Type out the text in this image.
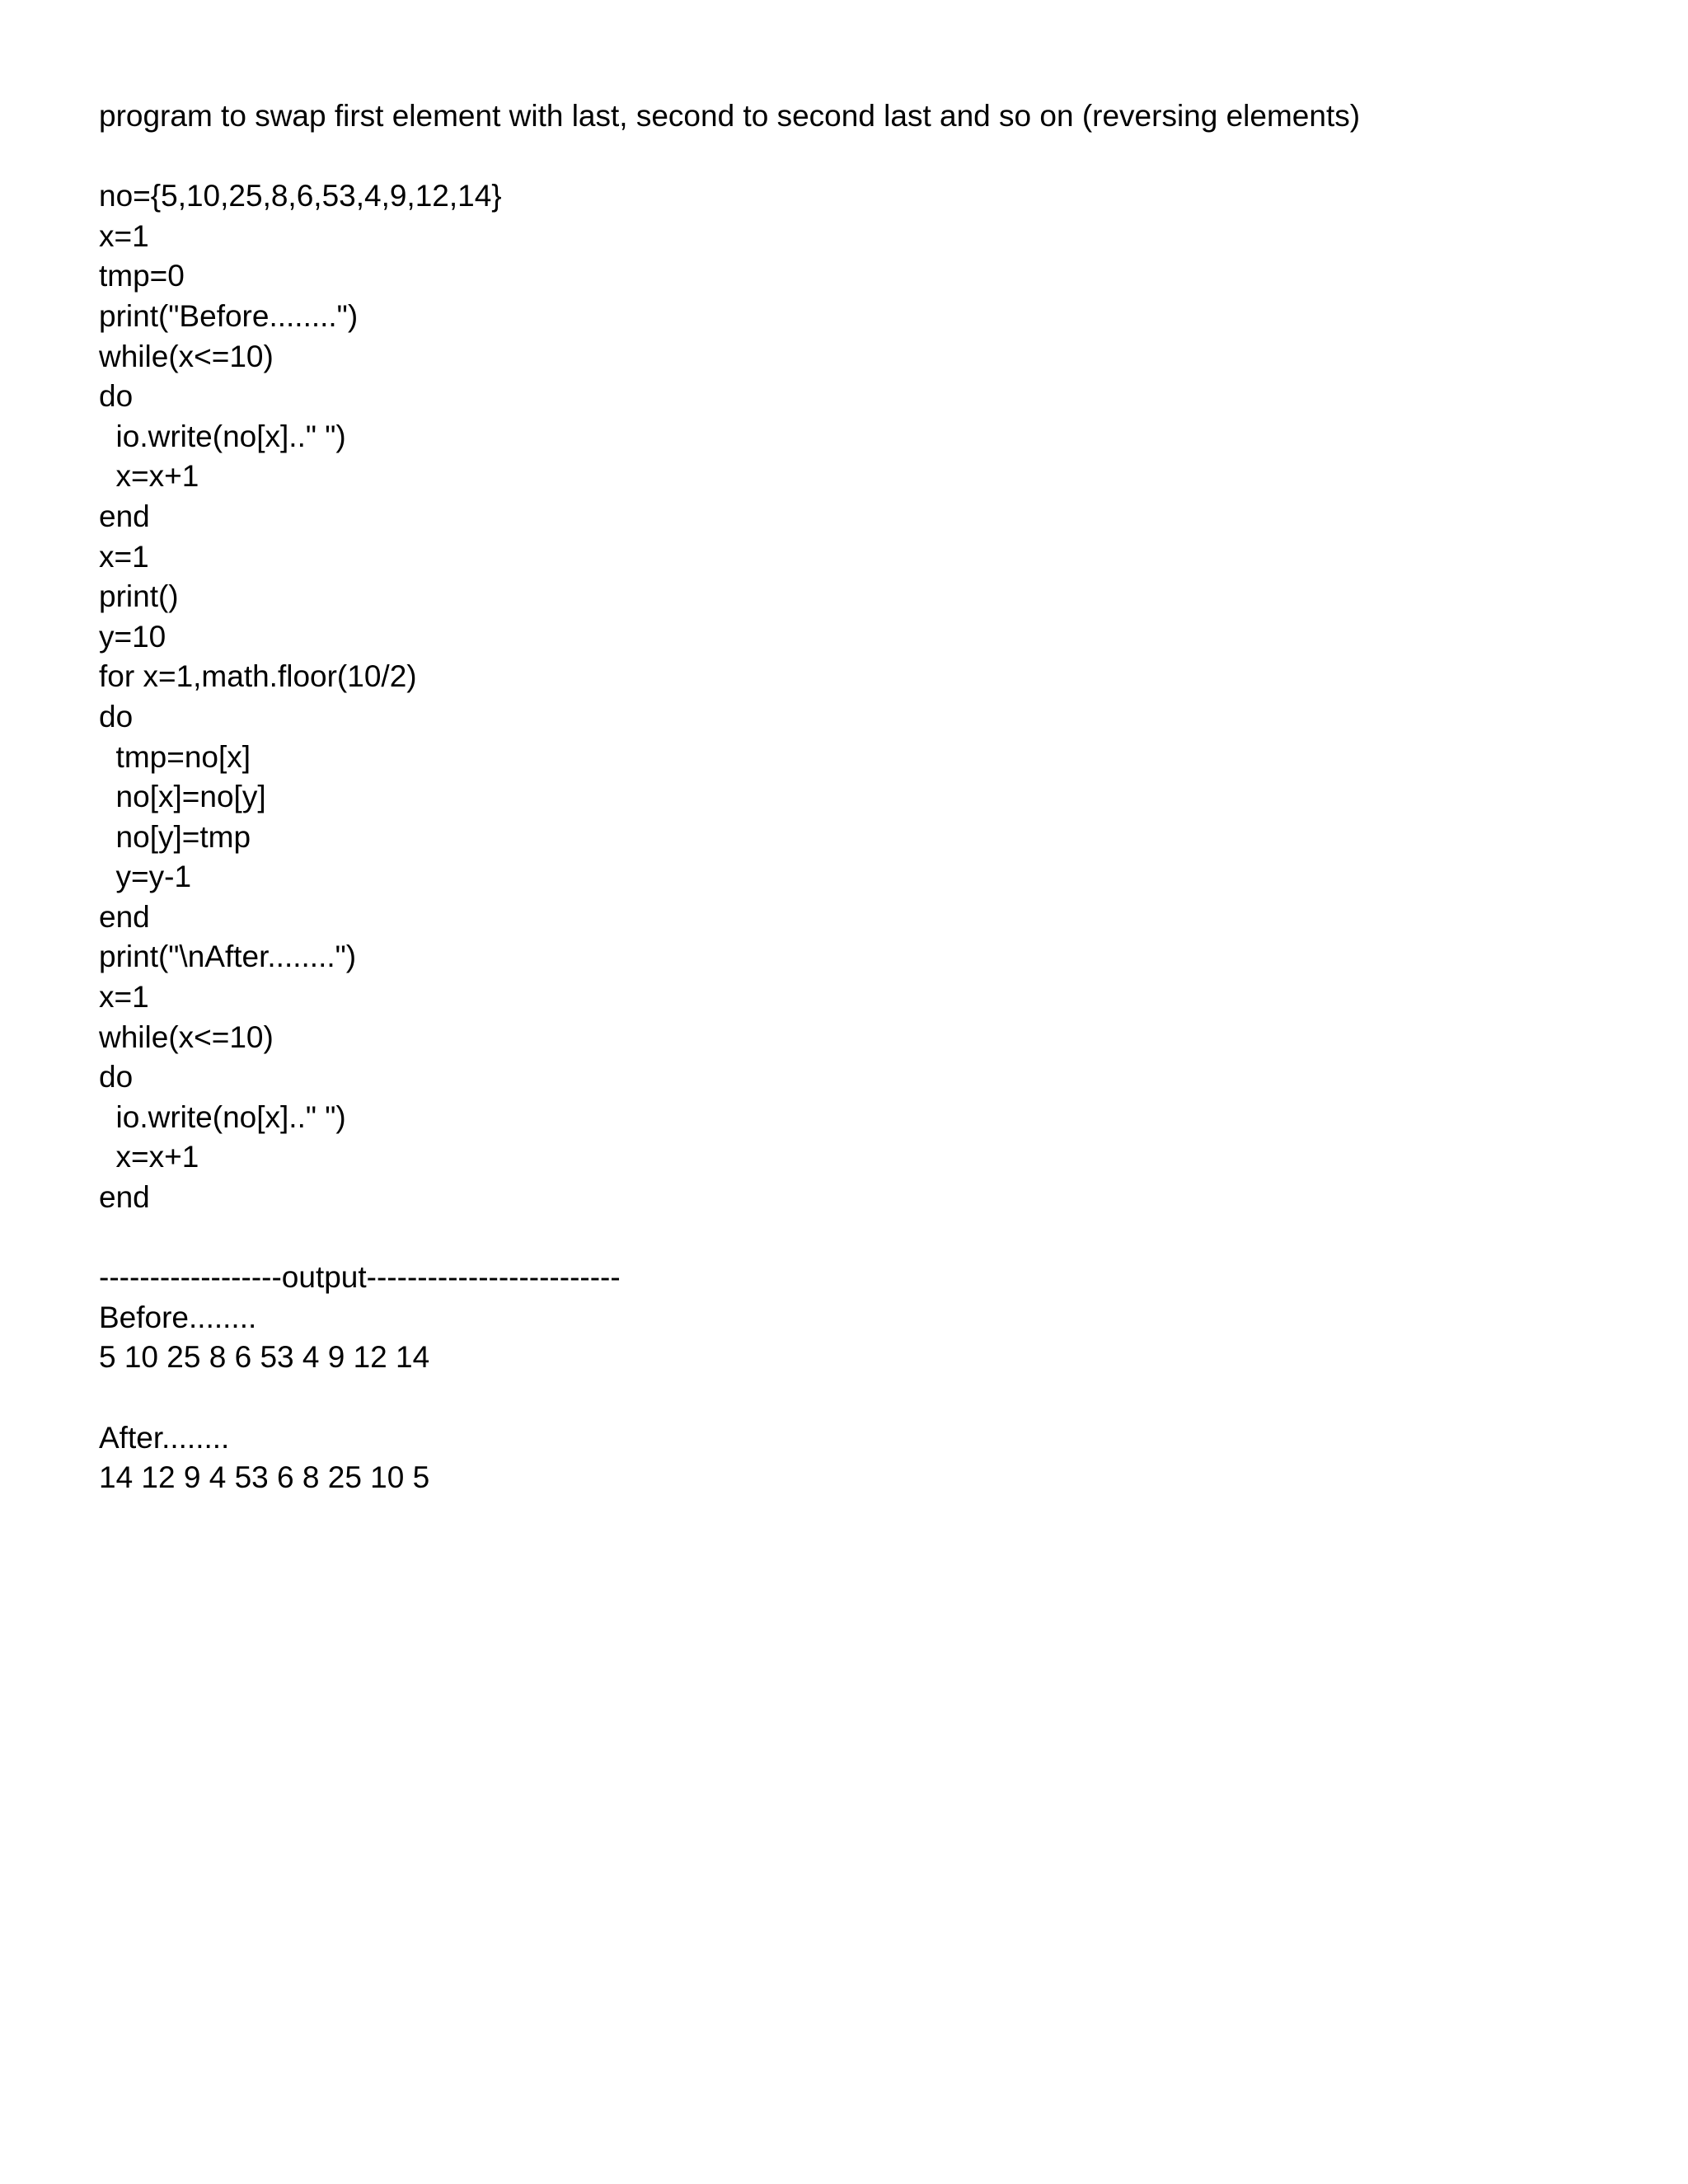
program to swap first element with last, second to second last and so on (reversing elements)
no={5,10,25,8,6,53,4,9,12,14}
x=1
tmp=0
print("Before........")
while(x<=10)
do
io.write(no[x].." ")
x=x+1
end
x=1
print()
y=10
for x=1,math.floor(10/2)
do
tmp=no[x]
no[x]=no[y]
no[y]=tmp
y=y-1
end
print("\nAfter........")
x=1
while(x<=10)
do
io.write(no[x].." ")
x=x+1
end
------------------output-------------------------
Before........
5 10 25 8 6 53 4 9 12 14
After........
14 12 9 4 53 6 8 25 10 5
